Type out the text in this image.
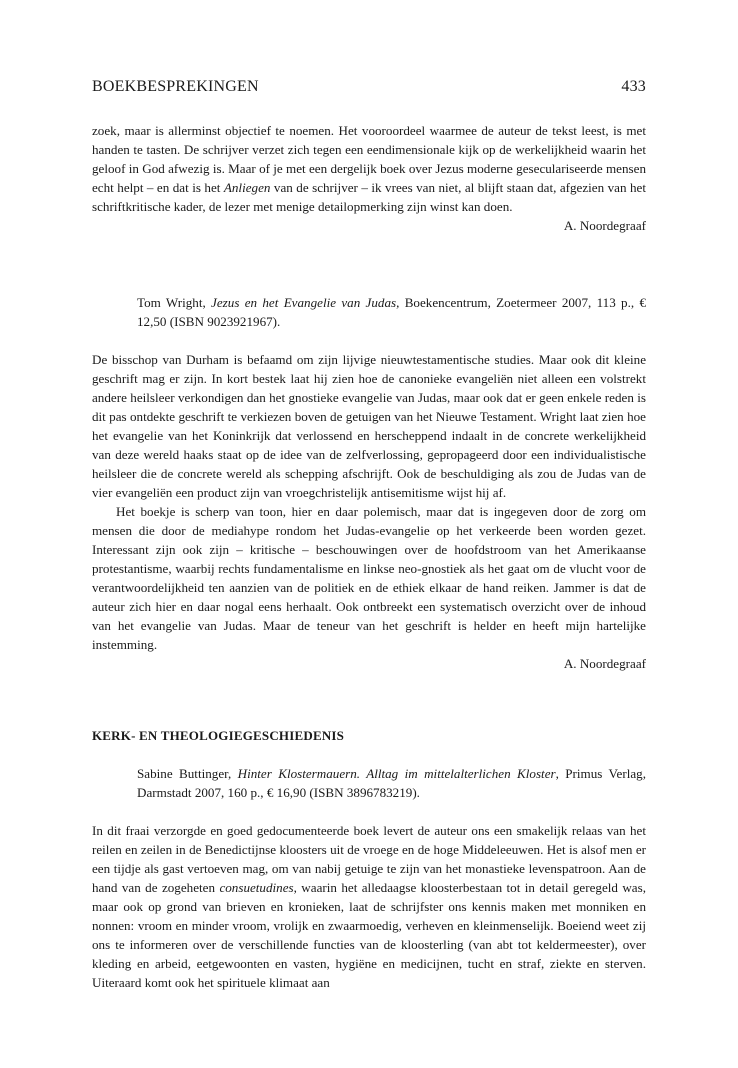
BOEKBESPREKINGEN	433

zoek, maar is allerminst objectief te noemen. Het vooroordeel waarmee de auteur de tekst leest, is met handen te tasten. De schrijver verzet zich tegen een eendimensionale kijk op de werkelijkheid waarin het geloof in God afwezig is. Maar of je met een dergelijk boek over Jezus moderne geseculariseerde mensen echt helpt – en dat is het Anliegen van de schrijver – ik vrees van niet, al blijft staan dat, afgezien van het schriftkritische kader, de lezer met menige detailopmerking zijn winst kan doen.

A. Noordegraaf
Tom Wright, Jezus en het Evangelie van Judas, Boekencentrum, Zoetermeer 2007, 113 p., € 12,50 (ISBN 9023921967).

De bisschop van Durham is befaamd om zijn lijvige nieuwtestamentische studies. Maar ook dit kleine geschrift mag er zijn. In kort bestek laat hij zien hoe de canonieke evangeliën niet alleen een volstrekt andere heilsleer verkondigen dan het gnostieke evangelie van Judas, maar ook dat er geen enkele reden is dit pas ontdekte geschrift te verkiezen boven de getuigen van het Nieuwe Testament. Wright laat zien hoe het evangelie van het Koninkrijk dat verlossend en herscheppend indaalt in de concrete werkelijkheid van deze wereld haaks staat op de idee van de zelfverlossing, gepropageerd door een individualistische heilsleer die de concrete wereld als schepping afschrijft. Ook de beschuldiging als zou de Judas van de vier evangeliën een product zijn van vroegchristelijk antisemitisme wijst hij af.

Het boekje is scherp van toon, hier en daar polemisch, maar dat is ingegeven door de zorg om mensen die door de mediahype rondom het Judas-evangelie op het verkeerde been worden gezet. Interessant zijn ook zijn – kritische – beschouwingen over de hoofdstroom van het Amerikaanse protestantisme, waarbij rechts fundamentalisme en linkse neo-gnostiek als het gaat om de vlucht voor de verantwoordelijkheid ten aanzien van de politiek en de ethiek elkaar de hand reiken. Jammer is dat de auteur zich hier en daar nogal eens herhaalt. Ook ontbreekt een systematisch overzicht over de inhoud van het evangelie van Judas. Maar de teneur van het geschrift is helder en heeft mijn hartelijke instemming.

A. Noordegraaf
KERK- EN THEOLOGIEGESCHIEDENIS
Sabine Buttinger, Hinter Klostermauern. Alltag im mittelalterlichen Kloster, Primus Verlag, Darmstadt 2007, 160 p., € 16,90 (ISBN 3896783219).

In dit fraai verzorgde en goed gedocumenteerde boek levert de auteur ons een smakelijk relaas van het reilen en zeilen in de Benedictijnse kloosters uit de vroege en de hoge Middeleeuwen. Het is alsof men er een tijdje als gast vertoeven mag, om van nabij getuige te zijn van het monastieke levenspatroon. Aan de hand van de zogeheten consuetudines, waarin het alledaagse kloosterbestaan tot in detail geregeld was, maar ook op grond van brieven en kronieken, laat de schrijfster ons kennis maken met monniken en nonnen: vroom en minder vroom, vrolijk en zwaarmoedig, verheven en kleinmenselijk. Boeiend weet zij ons te informeren over de verschillende functies van de kloosterling (van abt tot keldermeester), over kleding en arbeid, eetgewoonten en vasten, hygiëne en medicijnen, tucht en straf, ziekte en sterven. Uiteraard komt ook het spirituele klimaat aan
